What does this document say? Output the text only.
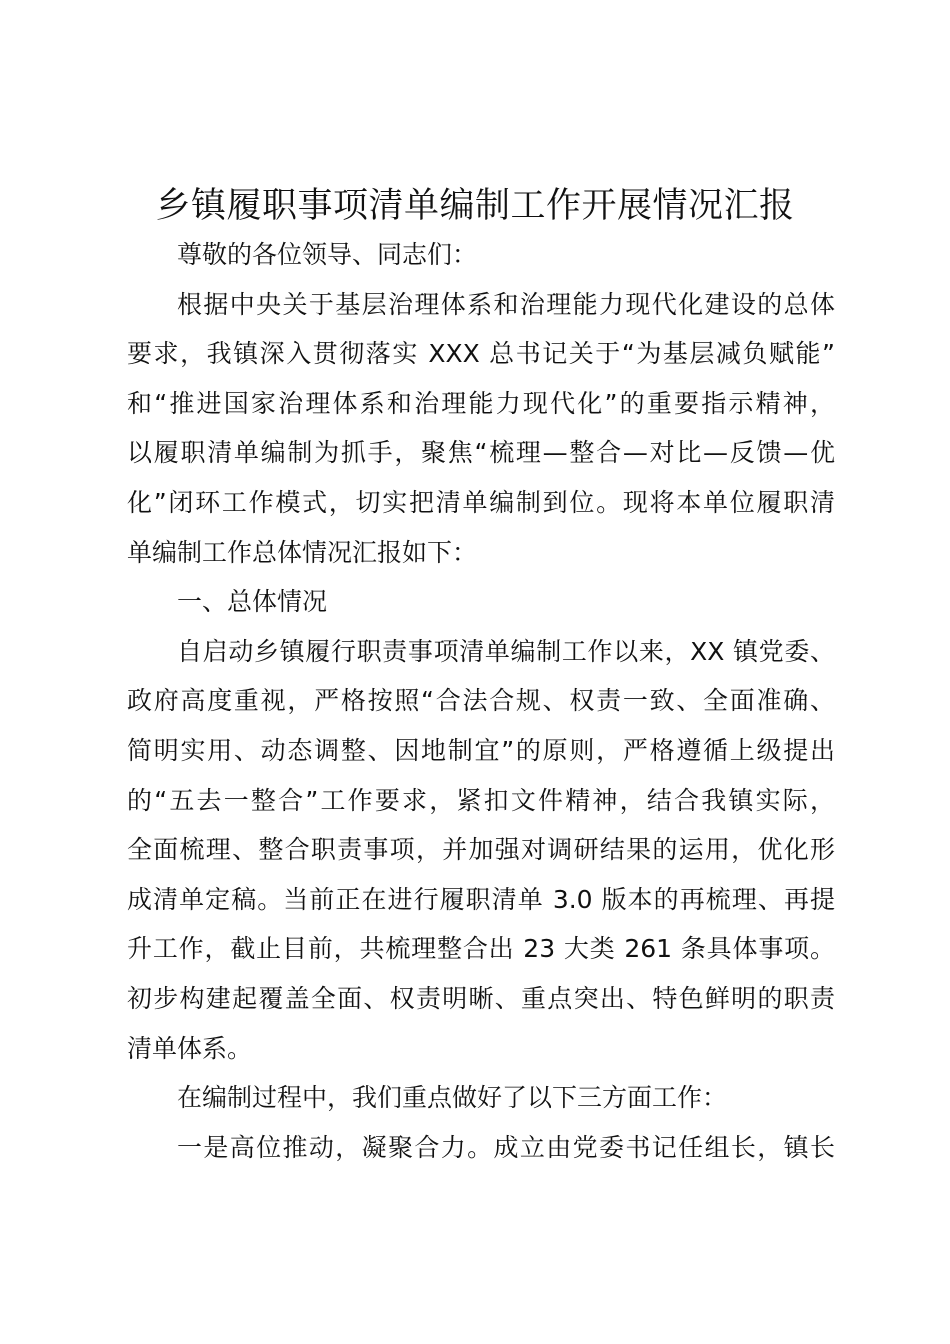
乡镇履职事项清单编制工作开展情况汇报
尊敬的各位领导、同志们：
根据中央关于基层治理体系和治理能力现代化建设的总体
要求，我镇深入贯彻落实 XXX 总书记关于“为基层减负赋能”
和“推进国家治理体系和治理能力现代化”的重要指示精神，
以履职清单编制为抓手，聚焦“梳理—整合—对比—反馈—优
化”闭环工作模式，切实把清单编制到位。现将本单位履职清
单编制工作总体情况汇报如下：
一、总体情况
自启动乡镇履行职责事项清单编制工作以来，XX 镇党委、
政府高度重视，严格按照“合法合规、权责一致、全面准确、
简明实用、动态调整、因地制宜”的原则，严格遵循上级提出
的“五去一整合”工作要求，紧扣文件精神，结合我镇实际，
全面梳理、整合职责事项，并加强对调研结果的运用，优化形
成清单定稿。当前正在进行履职清单 3.0 版本的再梳理、再提
升工作，截止目前，共梳理整合出 23 大类 261 条具体事项。
初步构建起覆盖全面、权责明晰、重点突出、特色鲜明的职责
清单体系。
在编制过程中，我们重点做好了以下三方面工作：
一是高位推动，凝聚合力。成立由党委书记任组长，镇长
